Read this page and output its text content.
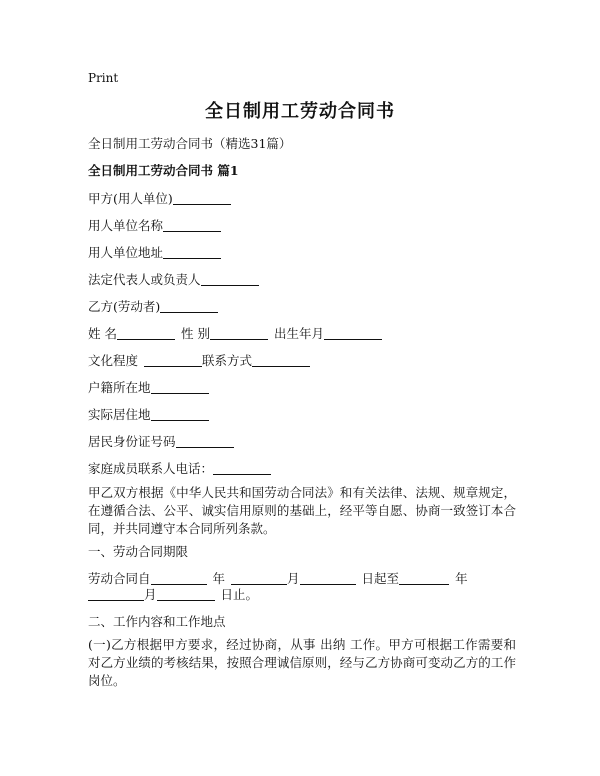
Print
全日制用工劳动合同书
全日制用工劳动合同书（精选31篇）
全日制用工劳动合同书 篇1
甲方(用人单位)
用人单位名称
用人单位地址
法定代表人或负责人
乙方(劳动者)
姓 名	性 别	出生年月
文化程度	联系方式
户籍所在地
实际居住地
居民身份证号码
家庭成员联系人电话：
甲乙双方根据《中华人民共和国劳动合同法》和有关法律、法规、规章规定，在遵循合法、公平、诚实信用原则的基础上，经平等自愿、协商一致签订本合同，并共同遵守本合同所列条款。
一、劳动合同期限
劳动合同自	年	月	日起至	年
月	日止。
二、工作内容和工作地点
(一)乙方根据甲方要求，经过协商，从事 出纳 工作。甲方可根据工作需要和对乙方业绩的考核结果，按照合理诚信原则，经与乙方协商可变动乙方的工作岗位。
